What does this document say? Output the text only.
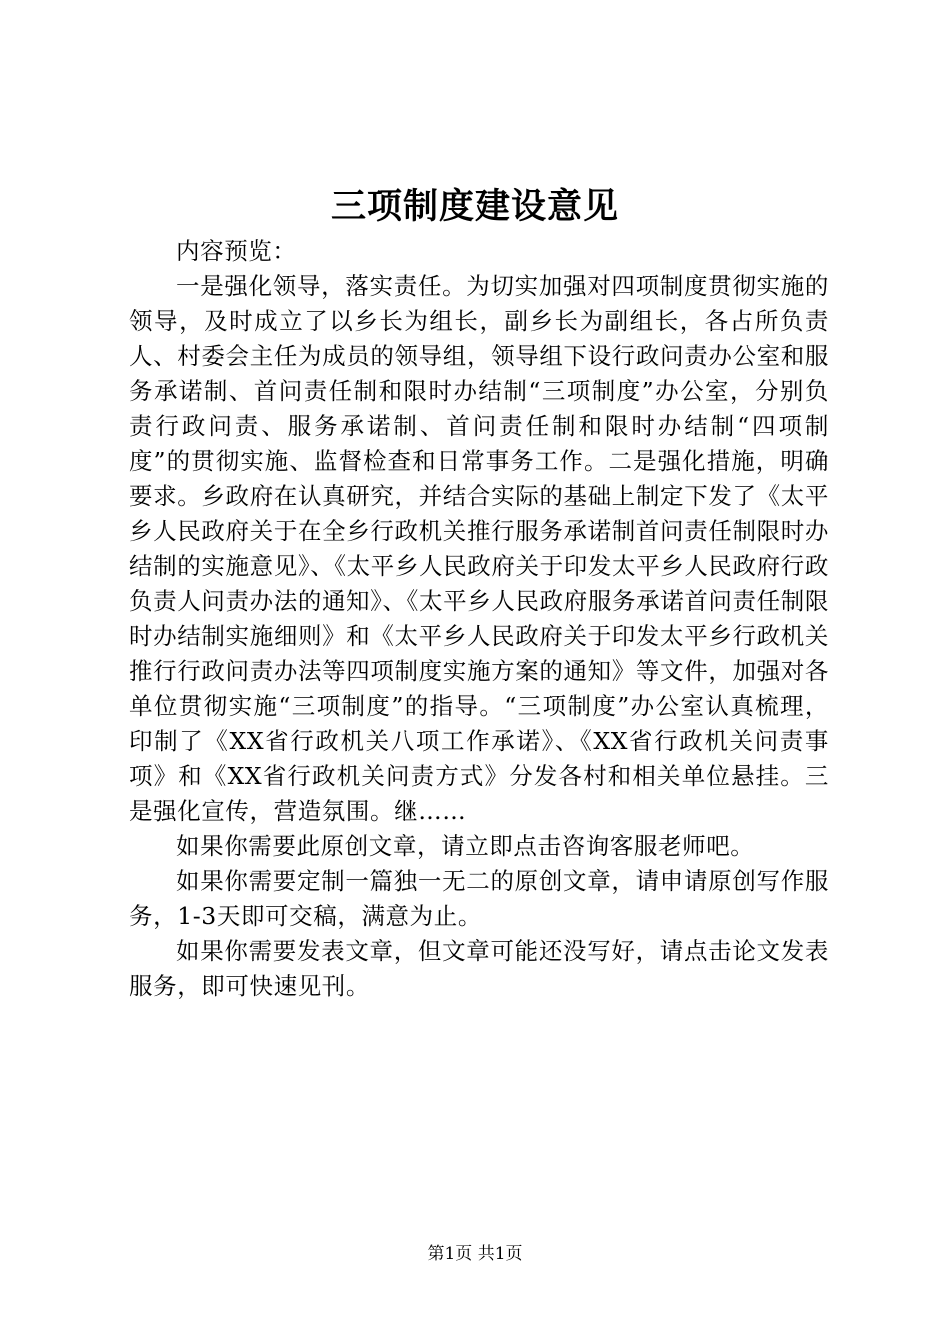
三项制度建设意见

内容预览：

一是强化领导，落实责任。为切实加强对四项制度贯彻实施的领导，及时成立了以乡长为组长，副乡长为副组长，各占所负责人、村委会主任为成员的领导组，领导组下设行政问责办公室和服务承诺制、首问责任制和限时办结制“三项制度”办公室，分别负责行政问责、服务承诺制、首问责任制和限时办结制“四项制度”的贯彻实施、监督检查和日常事务工作。二是强化措施，明确要求。乡政府在认真研究，并结合实际的基础上制定下发了《太平乡人民政府关于在全乡行政机关推行服务承诺制首问责任制限时办结制的实施意见》、《太平乡人民政府关于印发太平乡人民政府行政负责人问责办法的通知》、《太平乡人民政府服务承诺首问责任制限时办结制实施细则》和《太平乡人民政府关于印发太平乡行政机关推行行政问责办法等四项制度实施方案的通知》等文件，加强对各单位贯彻实施“三项制度”的指导。“三项制度”办公室认真梳理，印制了《XX省行政机关八项工作承诺》、《XX省行政机关问责事项》和《XX省行政机关问责方式》分发各村和相关单位悬挂。三是强化宣传，营造氛围。继……

如果你需要此原创文章，请立即点击咨询客服老师吧。

如果你需要定制一篇独一无二的原创文章，请申请原创写作服务，1-3天即可交稿，满意为止。

如果你需要发表文章，但文章可能还没写好，请点击论文发表服务，即可快速见刊。

第1页 共1页
